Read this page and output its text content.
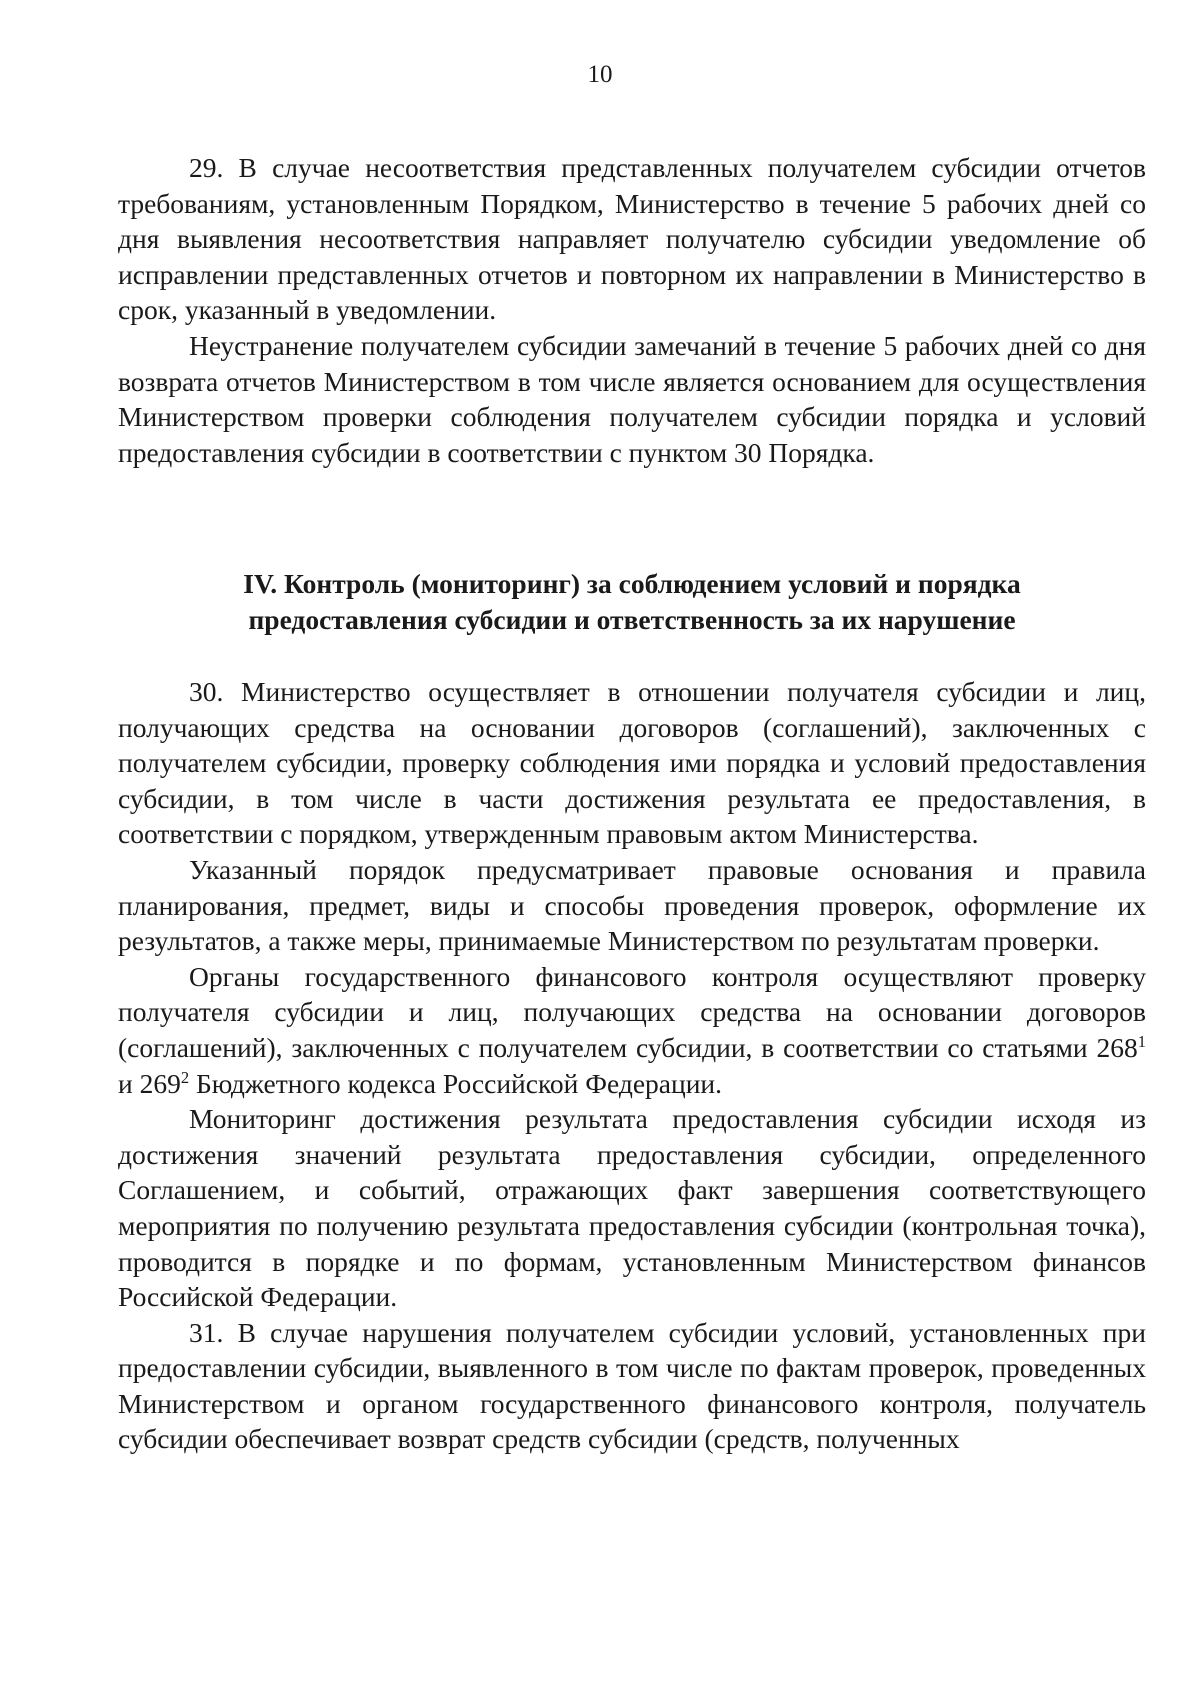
10

29. В случае несоответствия представленных получателем субсидии отчетов требованиям, установленным Порядком, Министерство в течение 5 рабочих дней со дня выявления несоответствия направляет получателю субсидии уведомление об исправлении представленных отчетов и повторном их направлении в Министерство в срок, указанный в уведомлении.

Неустранение получателем субсидии замечаний в течение 5 рабочих дней со дня возврата отчетов Министерством в том числе является основанием для осуществления Министерством проверки соблюдения получателем субсидии порядка и условий предоставления субсидии в соответствии с пунктом 30 Порядка.

IV. Контроль (мониторинг) за соблюдением условий и порядка
предоставления субсидии и ответственность за их нарушение

30. Министерство осуществляет в отношении получателя субсидии и лиц, получающих средства на основании договоров (соглашений), заключенных с получателем субсидии, проверку соблюдения ими порядка и условий предоставления субсидии, в том числе в части достижения результата ее предоставления, в соответствии с порядком, утвержденным правовым актом Министерства.

Указанный порядок предусматривает правовые основания и правила планирования, предмет, виды и способы проведения проверок, оформление их результатов, а также меры, принимаемые Министерством по результатам проверки.

Органы государственного финансового контроля осуществляют проверку получателя субсидии и лиц, получающих средства на основании договоров (соглашений), заключенных с получателем субсидии, в соответствии со статьями $268^1$ и $269^2$ Бюджетного кодекса Российской Федерации.

Мониторинг достижения результата предоставления субсидии исходя из достижения значений результата предоставления субсидии, определенного Соглашением, и событий, отражающих факт завершения соответствующего мероприятия по получению результата предоставления субсидии (контрольная точка), проводится в порядке и по формам, установленным Министерством финансов Российской Федерации.

31. В случае нарушения получателем субсидии условий, установленных при предоставлении субсидии, выявленного в том числе по фактам проверок, проведенных Министерством и органом государственного финансового контроля, получатель субсидии обеспечивает возврат средств субсидии (средств, полученных
